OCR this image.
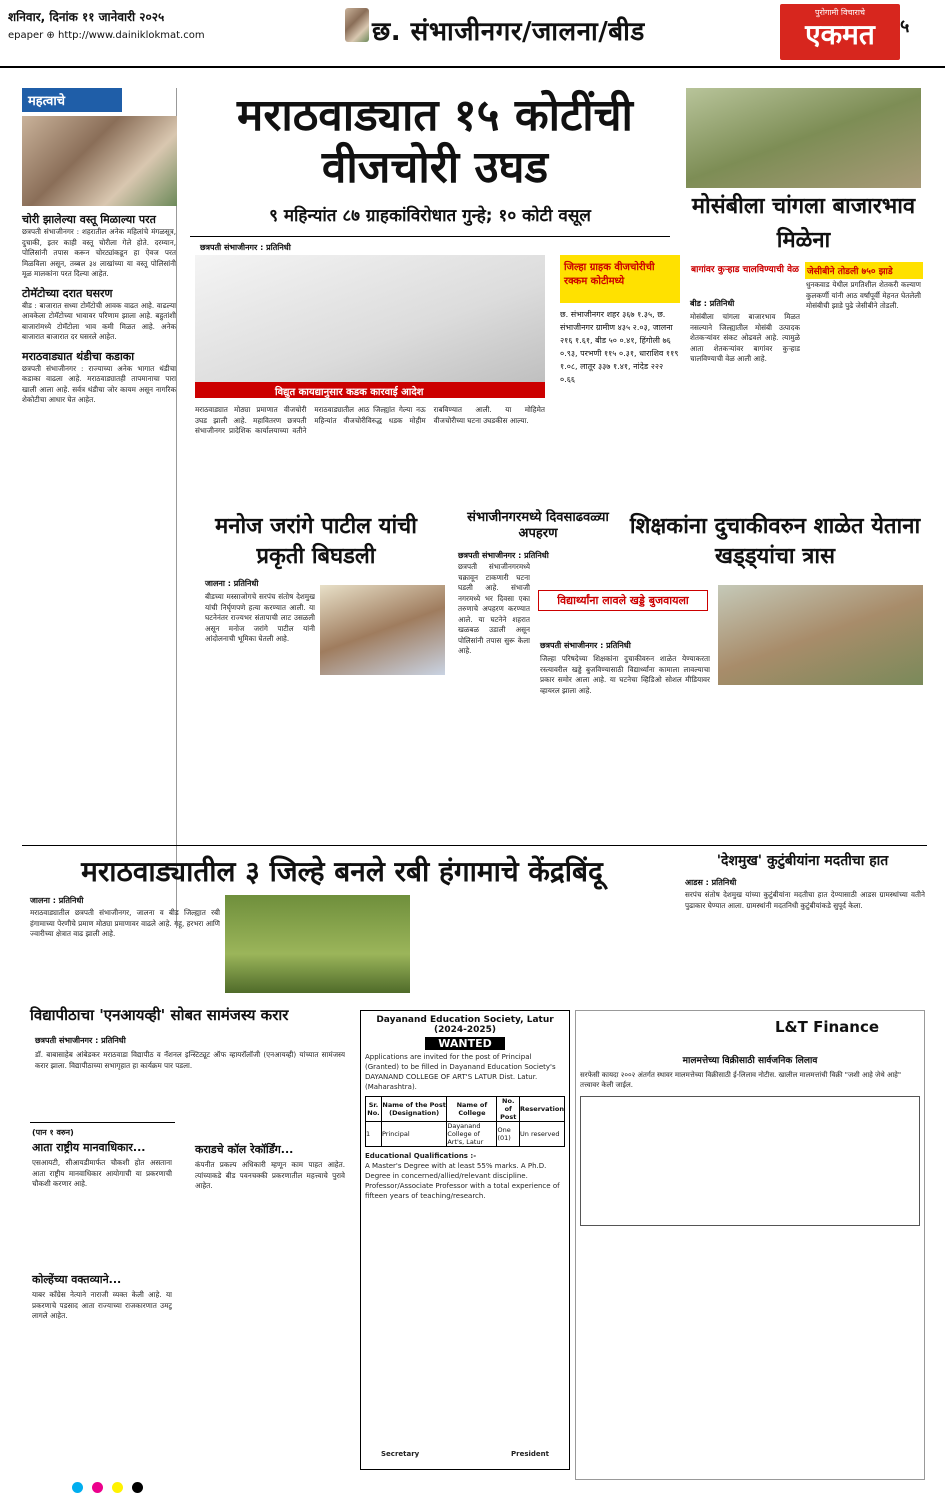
शनिवार, दिनांक ११ जानेवारी २०२५
epaper ⊕ http://www.dainiklokmat.com	छ. संभाजीनगर/जालना/बीड
पुरोगामी विचाराचे
एकमत	५
महत्वाचे
चोरी झालेल्या वस्तू मिळाल्या परत
छत्रपती संभाजीनगर : शहरातील अनेक महिलांचे मंगळसूत्र, दुचाकी, इतर काही वस्तू चोरीला गेले होते. दरम्यान, पोलिसांनी तपास करून चोरट्यांकडून हा ऐवज परत मिळविला असून, तब्बल ३४ लाखांच्या या वस्तू पोलिसांनी मूळ मालकांना परत दिल्या आहेत.
टोमॅटोच्या दरात घसरण
बीड : बाजारात सध्या टोमॅटोची आवक वाढत आहे. वाढल्या आवकेला टोमॅटोच्या भावावर परिणाम झाला आहे. बहुतांशी बाजारांमध्ये टोमॅटोला भाव कमी मिळत आहे. अनेक बाजारात बाजारात दर घसरले आहेत.
मराठवाड्यात थंडीचा कडाका
छत्रपती संभाजीनगर : राज्याच्या अनेक भागात थंडीचा कडाका वाढला आहे. मराठवाड्यातही तापमानाचा पारा खाली आला आहे. सर्वत्र थंडीचा जोर कायम असून नागरिक शेकोटीचा आधार घेत आहेत.
मराठवाड्यात १५ कोटींची वीजचोरी उघड
९ महिन्यांत ८७ ग्राहकांविरोधात गुन्हे; १० कोटी वसूल
छत्रपती संभाजीनगर : प्रतिनिधी
विद्युत कायद्यानुसार कडक कारवाई आदेश
मराठवाड्यात मोठ्या प्रमाणात वीजचोरी उघड झाली आहे. महावितरण छत्रपती संभाजीनगर प्रादेशिक कार्यालयाच्या वतीने मराठवाड्यातील आठ जिल्ह्यांत गेल्या नऊ महिन्यांत वीजचोरीविरुद्ध धडक मोहीम राबविण्यात आली. या मोहिमेत वीजचोरीच्या घटना उघडकीस आल्या.
जिल्हा ग्राहक वीजचोरीची रक्कम कोटीमध्ये
छ. संभाजीनगर शहर ३६७ १.३५, छ. संभाजीनगर ग्रामीण ४३५ २.०३, जालना २१६ १.६१, बीड ५० ०.४१, हिंगोली ७६ ०.९३, परभणी ११५ ०.३१, धाराशिव ११९ १.०८, लातूर ३३७ १.४१, नांदेड २२२ ०.६६
मोसंबीला चांगला बाजारभाव मिळेना
बागांवर कुऱ्हाड चालविण्याची वेळ जेसीबीने तोडली ७५० झाडे
बीड : प्रतिनिधी
मोसंबीला चांगला बाजारभाव मिळत नसल्याने जिल्ह्यातील मोसंबी उत्पादक शेतकऱ्यांवर संकट ओढवले आहे. त्यामुळे आता शेतकऱ्यांवर बागांवर कुऱ्हाड चालविण्याची वेळ आली आहे.
धुनकवाड येथील प्रगतिशील शेतकरी कल्याण कुलकर्णी यांनी आठ वर्षांपूर्वी मेहनत घेतलेली मोसंबीची झाडे पुढे जेसीबीने तोडली.
मनोज जरांगे पाटील यांची प्रकृती बिघडली
जालना : प्रतिनिधी
बीडच्या मस्साजोगचे सरपंच संतोष देशमुख यांची निर्घृणपणे हत्या करण्यात आली. या घटनेनंतर राज्यभर संतापाची लाट उसळली असून मनोज जरांगे पाटील यांनी आंदोलनाची भूमिका घेतली आहे.
संभाजीनगरमध्ये दिवसाढवळ्या अपहरण
छत्रपती संभाजीनगर : प्रतिनिधी
छत्रपती संभाजीनगरमध्ये चक्रावून टाकणारी घटना घडली आहे. संभाजी नगरमध्ये भर दिवसा एका तरुणाचे अपहरण करण्यात आले. या घटनेने शहरात खळबळ उडाली असून पोलिसांनी तपास सुरू केला आहे.
शिक्षकांना दुचाकीवरुन शाळेत येताना खड्ड्यांचा त्रास
विद्यार्थ्यांना लावले खड्डे बुजवायला
छत्रपती संभाजीनगर : प्रतिनिधी
जिल्हा परिषदेच्या शिक्षकांना दुचाकीवरुन शाळेत येण्याकरता रस्त्यावरील खड्डे बुजविण्यासाठी विद्यार्थ्यांना कामाला लावल्याचा प्रकार समोर आला आहे. या घटनेचा व्हिडिओ सोशल मीडियावर व्हायरल झाला आहे.
मराठवाड्यातील ३ जिल्हे बनले रबी हंगामाचे केंद्रबिंदू
जालना : प्रतिनिधी
मराठवाड्यातील छत्रपती संभाजीनगर, जालना व बीड जिल्ह्यात रबी हंगामाच्या पेरणीचे प्रमाण मोठ्या प्रमाणावर वाढले आहे. गहू, हरभरा आणि ज्वारीच्या क्षेत्रात वाढ झाली आहे.
'देशमुख' कुटुंबीयांना मदतीचा हात
आडस : प्रतिनिधी
सरपंच संतोष देशमुख यांच्या कुटुंबीयांना मदतीचा हात देण्यासाठी आडस ग्रामस्थांच्या वतीने पुढाकार घेण्यात आला. ग्रामस्थांनी मदतनिधी कुटुंबीयांकडे सुपूर्द केला.
विद्यापीठाचा 'एनआयव्ही' सोबत सामंजस्य करार
छत्रपती संभाजीनगर : प्रतिनिधी
डॉ. बाबासाहेब आंबेडकर मराठवाडा विद्यापीठ व नॅशनल इन्स्टिट्यूट ऑफ व्हायरॉलॉजी (एनआयव्ही) यांच्यात सामंजस्य करार झाला. विद्यापीठाच्या सभागृहात हा कार्यक्रम पार पडला.
(पान १ वरुन)
आता राष्ट्रीय मानवाधिकार...
एसआयटी, सीआयडीमार्फत चौकशी होत असताना आता राष्ट्रीय मानवाधिकार आयोगाची या प्रकरणाची चौकशी करणार आहे.
कोल्हेंच्या वक्तव्याने...
याबर काँग्रेस नेत्याने नाराजी व्यक्त केली आहे. या प्रकरणाचे पडसाद आता राज्याच्या राजकारणात उमटू लागले आहेत.
कराडचे कॉल रेकॉर्डिंग...
कंपनीत प्रकल्प अधिकारी म्हणून काम पाहत आहेत. त्यांच्याकडे बीड पवनचक्की प्रकरणातील महत्त्वाचे पुरावे आहेत.
Dayanand Education Society, Latur (2024-2025)
WANTED
Applications are invited for the post of Principal (Granted) to be filled in Dayanand Education Society's DAYANAND COLLEGE OF ART'S LATUR Dist. Latur. (Maharashtra).
Sr. No.	Name of the Post (Designation)	Name of College	No. of Post	Reservation
1	Principal	Dayanand College of Art's, Latur	One (01)	Un reserved
Educational Qualifications :-
A Master's Degree with at least 55% marks. A Ph.D. Degree in concerned/allied/relevant discipline. Professor/Associate Professor with a total experience of fifteen years of teaching/research.
Secretary	President
मालमत्तेच्या विक्रीसाठी सार्वजनिक लिलाव
सरफेसी कायदा २००२ अंतर्गत स्थावर मालमत्तेच्या विक्रीसाठी ई-लिलाव नोटीस. खालील मालमत्तांची विक्री "जशी आहे जेथे आहे" तत्त्वावर केली जाईल.
L&T Finance
